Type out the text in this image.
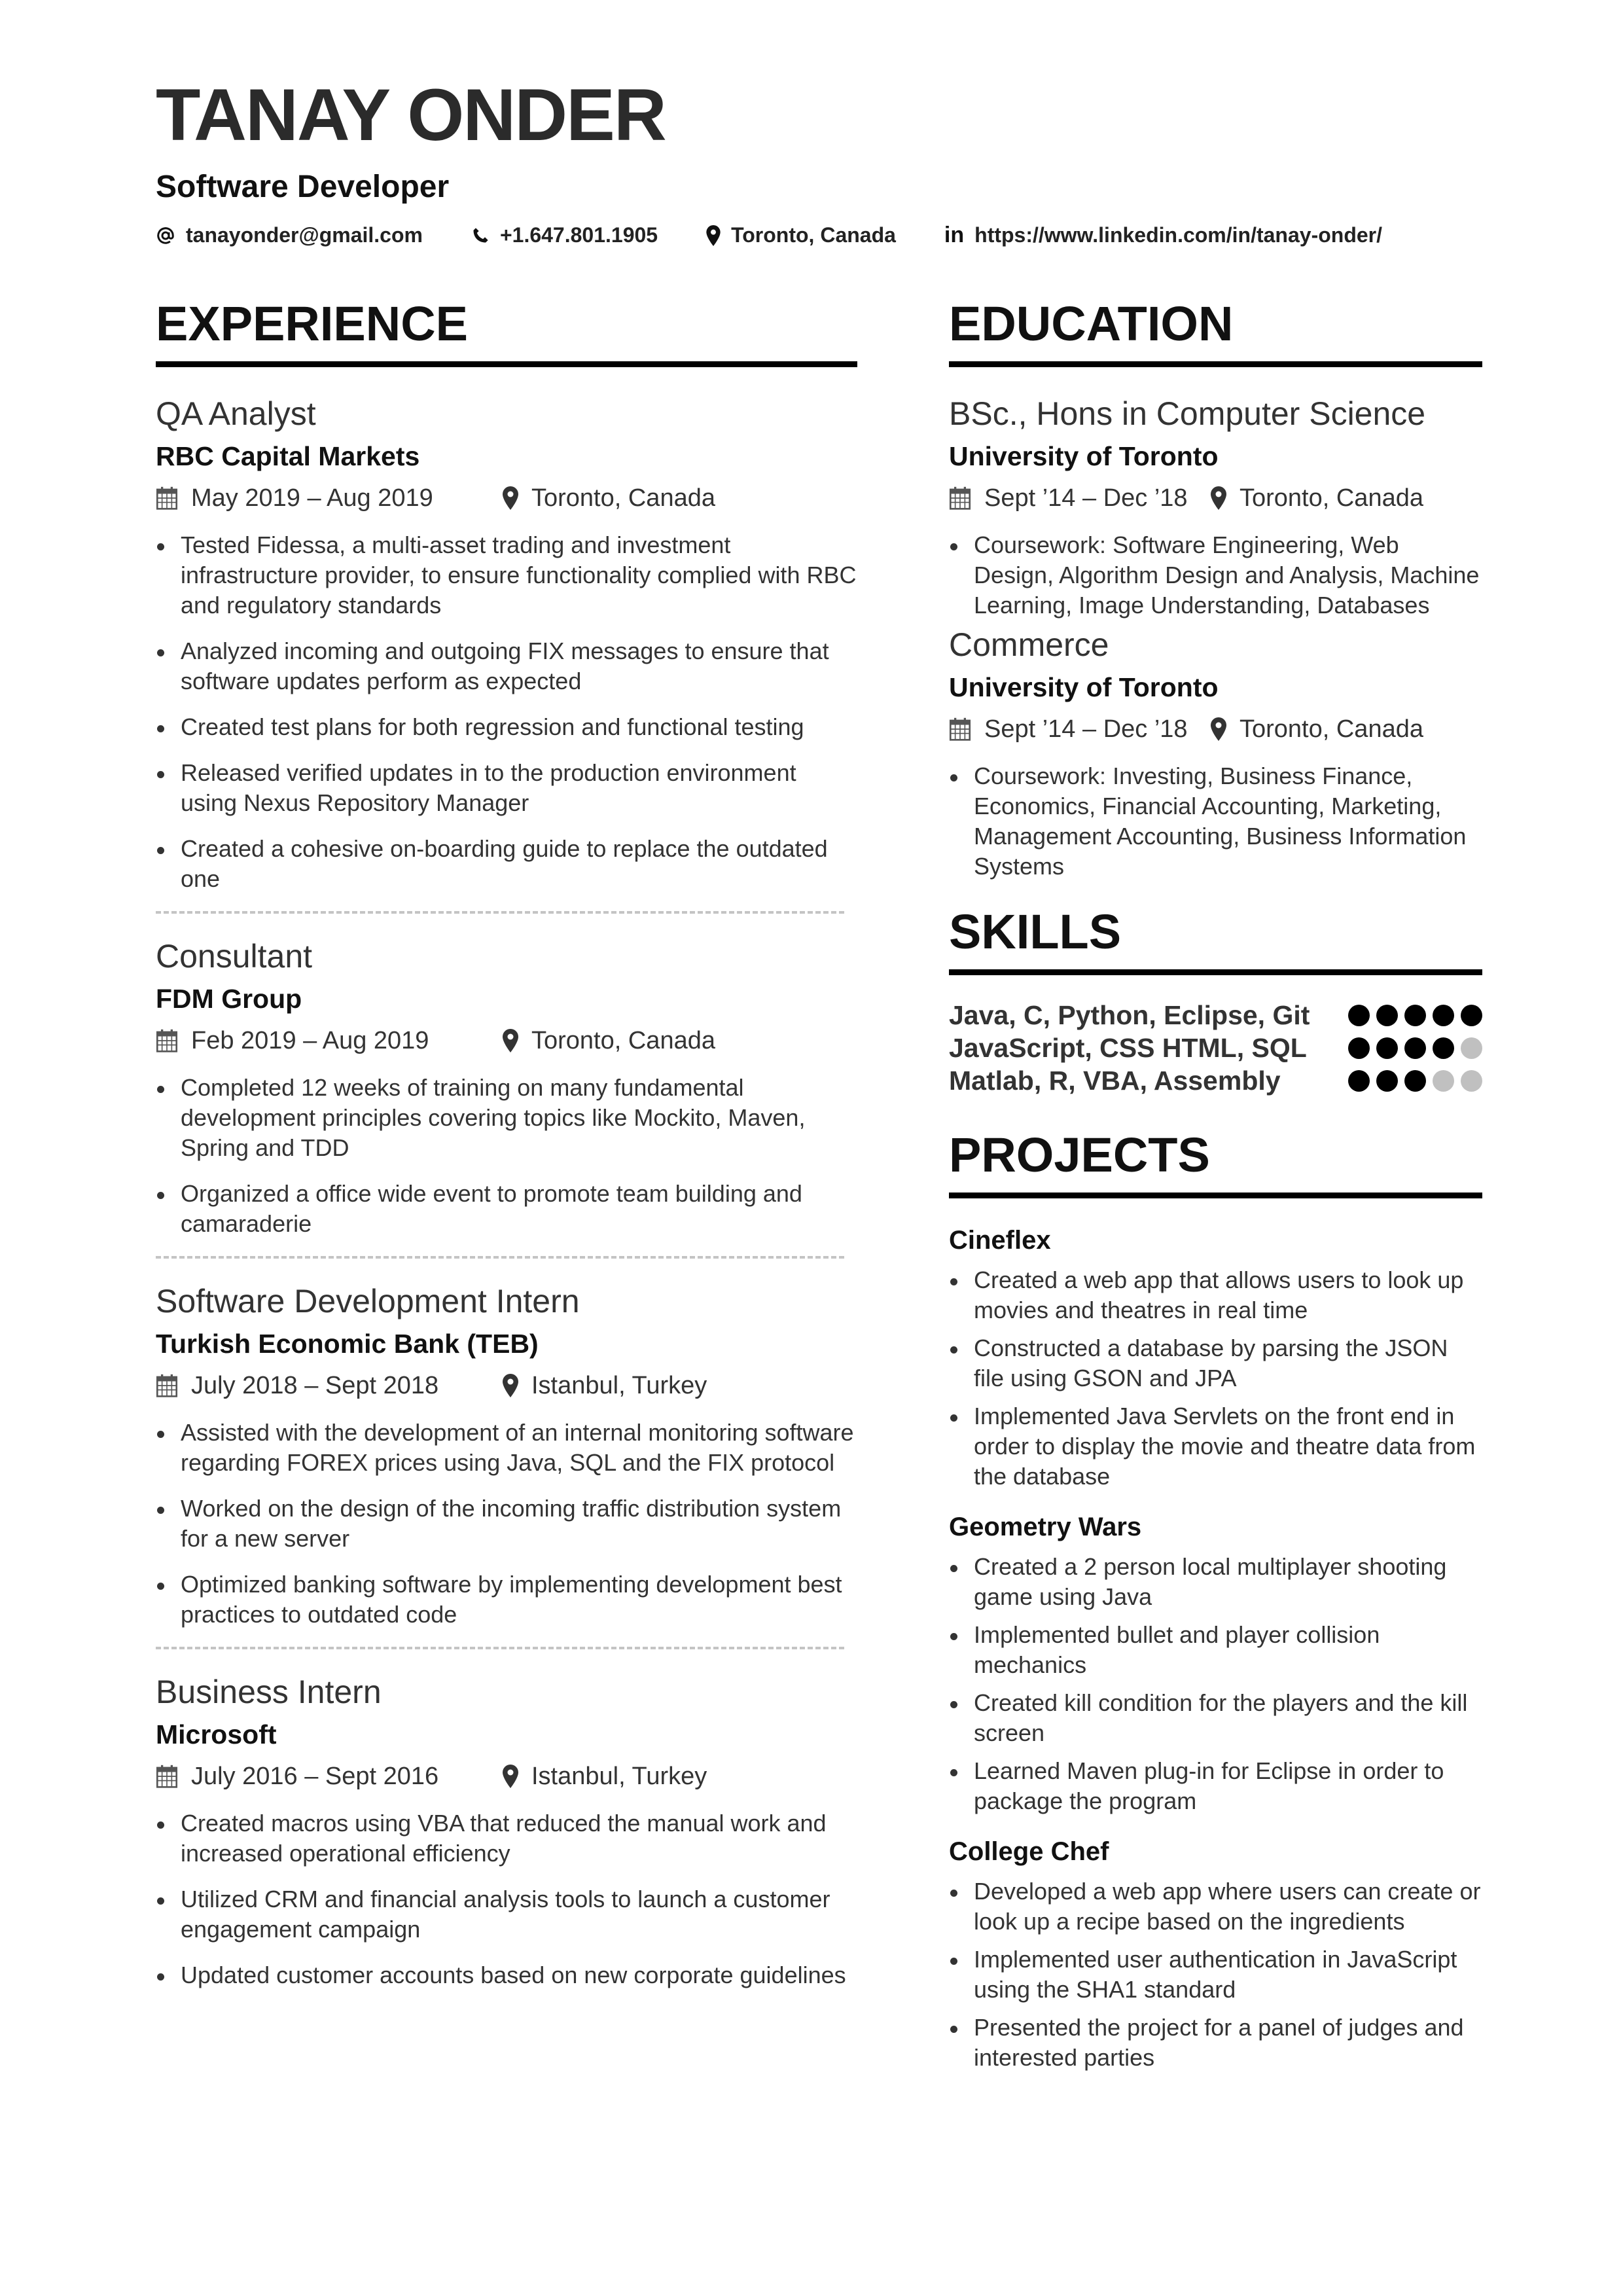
TANAY ONDER
Software Developer
tanayonder@gmail.com	+1.647.801.1905	Toronto, Canada in https://www.linkedin.com/in/tanay-onder/
EXPERIENCE
QA Analyst
RBC Capital Markets
May 2019 – Aug 2019	Toronto, Canada
Tested Fidessa, a multi-asset trading and investment infrastructure provider, to ensure functionality complied with RBC and regulatory standards
Analyzed incoming and outgoing FIX messages to ensure that software updates perform as expected
Created test plans for both regression and functional testing
Released verified updates in to the production environment using Nexus Repository Manager
Created a cohesive on-boarding guide to replace the outdated one
Consultant
FDM Group
Feb 2019 – Aug 2019	Toronto, Canada
Completed 12 weeks of training on many fundamental development principles covering topics like Mockito, Maven, Spring and TDD
Organized a office wide event to promote team building and camaraderie
Software Development Intern
Turkish Economic Bank (TEB)
July 2018 – Sept 2018	Istanbul, Turkey
Assisted with the development of an internal monitoring software regarding FOREX prices using Java, SQL and the FIX protocol
Worked on the design of the incoming traffic distribution system for a new server
Optimized banking software by implementing development best practices to outdated code
Business Intern
Microsoft
July 2016 – Sept 2016	Istanbul, Turkey
Created macros using VBA that reduced the manual work and increased operational efficiency
Utilized CRM and financial analysis tools to launch a customer engagement campaign
Updated customer accounts based on new corporate guidelines
EDUCATION
BSc., Hons in Computer Science
University of Toronto
Sept ’14 – Dec ’18 Toronto, Canada
Coursework: Software Engineering, Web Design, Algorithm Design and Analysis, Machine Learning, Image Understanding, Databases
Commerce
University of Toronto
Sept ’14 – Dec ’18 Toronto, Canada
Coursework: Investing, Business Finance, Economics, Financial Accounting, Marketing, Management Accounting, Business Information Systems
SKILLS
Java, C, Python, Eclipse, Git
JavaScript, CSS HTML, SQL
Matlab, R, VBA, Assembly
PROJECTS
Cineflex
Created a web app that allows users to look up movies and theatres in real time
Constructed a database by parsing the JSON file using GSON and JPA
Implemented Java Servlets on the front end in order to display the movie and theatre data from the database
Geometry Wars
Created a 2 person local multiplayer shooting game using Java
Implemented bullet and player collision mechanics
Created kill condition for the players and the kill screen
Learned Maven plug-in for Eclipse in order to package the program
College Chef
Developed a web app where users can create or look up a recipe based on the ingredients
Implemented user authentication in JavaScript using the SHA1 standard
Presented the project for a panel of judges and interested parties
